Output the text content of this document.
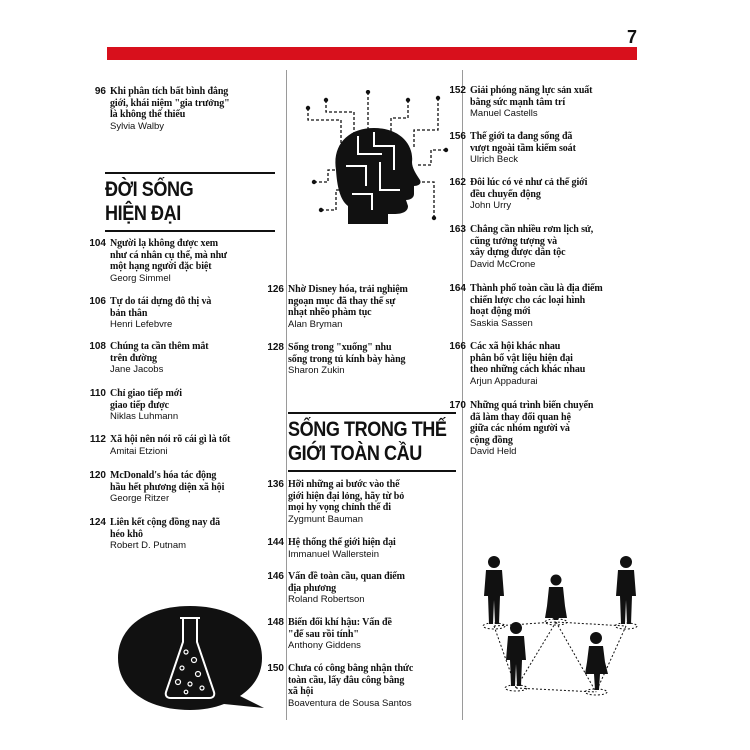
7
ĐỜI SỐNG
HIỆN ĐẠI
SỐNG TRONG THẾ
GIỚI TOÀN CẦU
96 Khi phân tích bất bình đẳng
giới, khái niệm "gia trưởng"
là không thể thiếu
Sylvia Walby
104 Người lạ không được xem
như cá nhân cụ thể, mà như
một hạng người đặc biệt
Georg Simmel
106 Tự do tái dựng đô thị và
bản thân
Henri Lefebvre
108 Chúng ta cần thêm mắt
trên đường
Jane Jacobs
110 Chỉ giao tiếp mới
giao tiếp được
Niklas Luhmann
112 Xã hội nên nói rõ cái gì là tốt
Amitai Etzioni
120 McDonald's hóa tác động
hầu hết phương diện xã hội
George Ritzer
124 Liên kết cộng đồng nay đã
héo khô
Robert D. Putnam
126 Nhờ Disney hóa, trải nghiệm
ngoạn mục đã thay thế sự
nhạt nhẽo phàm tục
Alan Bryman
128 Sống trong "xuống" nhu
sống trong tủ kính bày hàng
Sharon Zukin
136 Hỡi những ai bước vào thế
giới hiện đại lỏng, hãy từ bỏ
mọi hy vọng chỉnh thể đi
Zygmunt Bauman
144 Hệ thống thế giới hiện đại
Immanuel Wallerstein
146 Vấn đề toàn cầu, quan điểm
địa phương
Roland Robertson
148 Biến đổi khí hậu: Vấn đề
"để sau rồi tính"
Anthony Giddens
150 Chưa có công bằng nhận thức
toàn cầu, lấy đâu công bằng
xã hội
Boaventura de Sousa Santos
152 Giải phóng năng lực sản xuất
bằng sức mạnh tâm trí
Manuel Castells
156 Thế giới ta đang sống đã
vượt ngoài tầm kiểm soát
Ulrich Beck
162 Đôi lúc có vẻ như cả thế giới
đều chuyển động
John Urry
163 Chẳng cần nhiều rơm lịch sử,
cũng tưởng tượng và
xây dựng được dân tộc
David McCrone
164 Thành phố toàn cầu là địa điểm
chiến lược cho các loại hình
hoạt động mới
Saskia Sassen
166 Các xã hội khác nhau
phân bổ vật liệu hiện đại
theo những cách khác nhau
Arjun Appadurai
170 Những quá trình biến chuyển
đã làm thay đổi quan hệ
giữa các nhóm người và
cộng đồng
David Held
